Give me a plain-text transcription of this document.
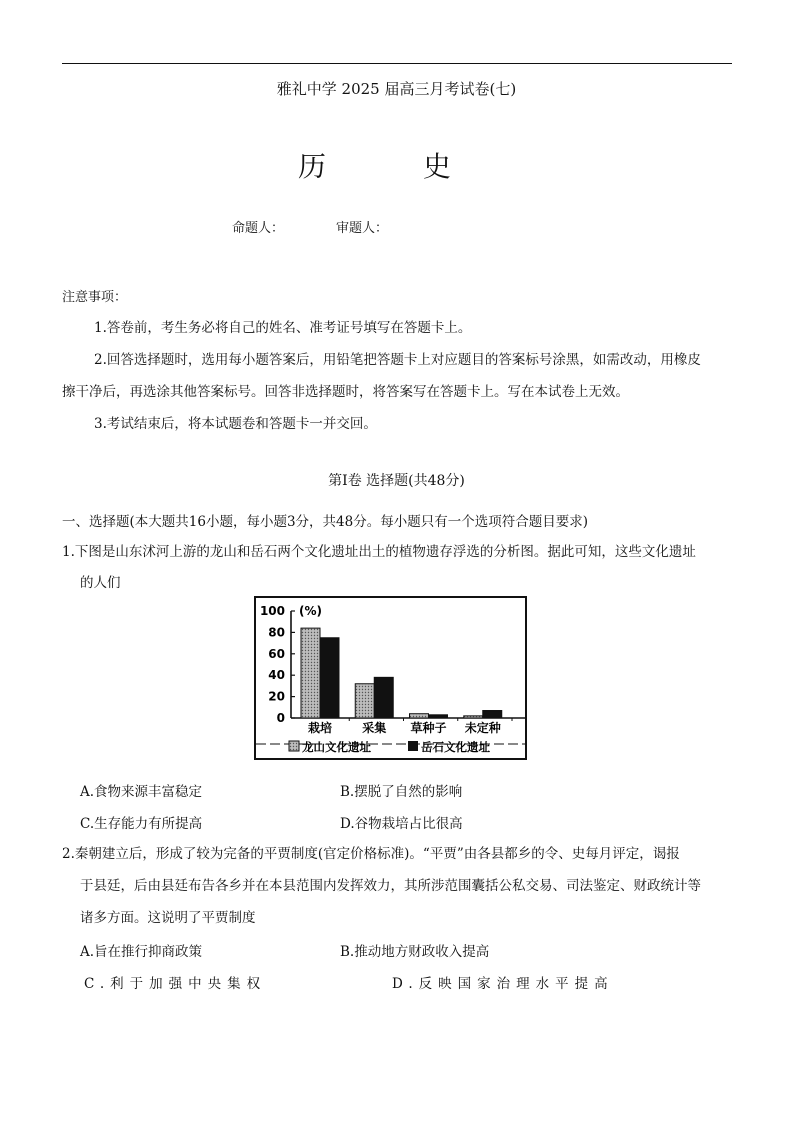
雅礼中学 2025 届高三月考试卷(七)
历 史
命题人：	审题人：
注意事项：
1.答卷前，考生务必将自己的姓名、准考证号填写在答题卡上。
2.回答选择题时，选用每小题答案后，用铅笔把答题卡上对应题目的答案标号涂黑，如需改动，用橡皮
擦干净后，再选涂其他答案标号。回答非选择题时，将答案写在答题卡上。写在本试卷上无效。
3.考试结束后，将本试题卷和答题卡一并交回。
第Ⅰ卷 选择题(共48分)
一、选择题(本大题共16小题，每小题3分，共48分。每小题只有一个选项符合题目要求)
1.下图是山东沭河上游的龙山和岳石两个文化遗址出土的植物遗存浮选的分析图。据此可知，这些文化遗址
的人们
0
20
40
60
80
100 (%)
栽培	采集 草种子 未定种
龙山文化遗址	岳石文化遗址
A.食物来源丰富稳定	B.摆脱了自然的影响
C.生存能力有所提高	D.谷物栽培占比很高
2.秦朝建立后，形成了较为完备的平贾制度(官定价格标准)。“平贾”由各县都乡的令、史每月评定，谒报
于县廷，后由县廷布告各乡并在本县范围内发挥效力，其所涉范围囊括公私交易、司法鉴定、财政统计等
诸多方面。这说明了平贾制度
A.旨在推行抑商政策	B.推动地方财政收入提高
C.利于加强中央集权	D.反映国家治理水平提高
